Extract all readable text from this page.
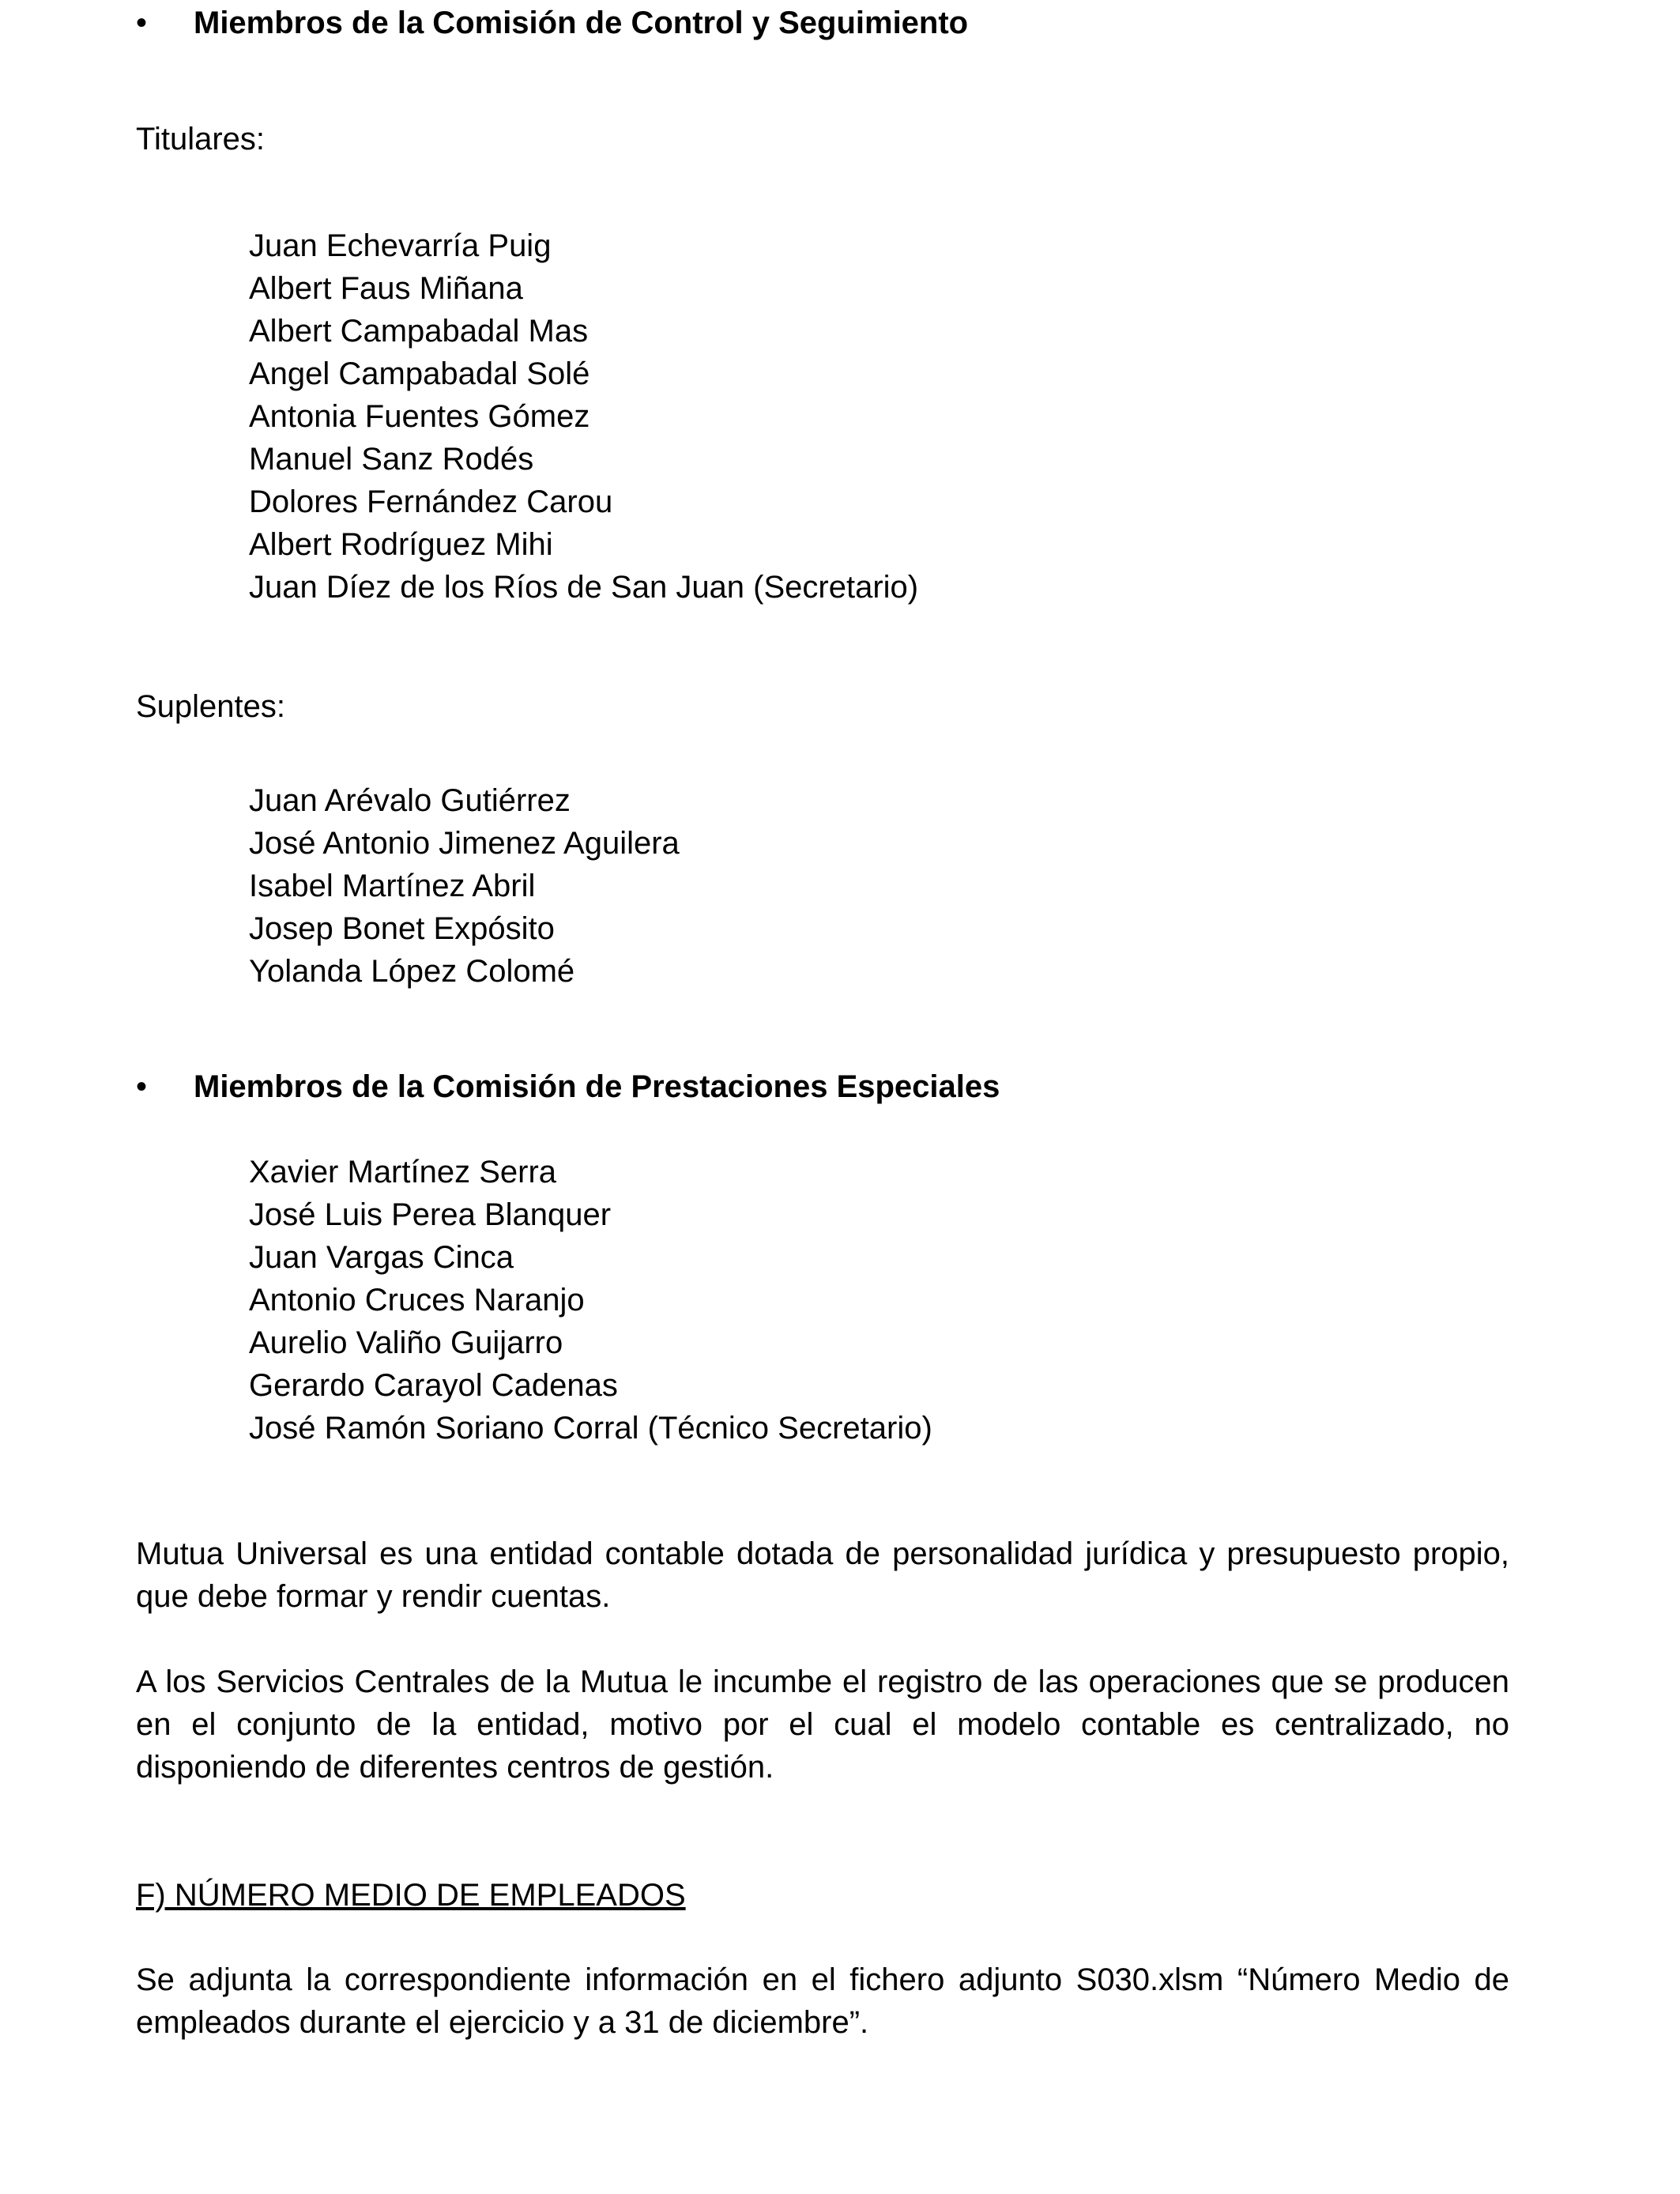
• Miembros de la Comisión de Control y Seguimiento
Titulares:
Juan Echevarría Puig
Albert Faus Miñana
Albert Campabadal Mas
Angel Campabadal Solé
Antonia Fuentes Gómez
Manuel Sanz Rodés
Dolores Fernández Carou
Albert Rodríguez Mihi
Juan Díez de los Ríos de San Juan (Secretario)
Suplentes:
Juan Arévalo Gutiérrez
José Antonio Jimenez Aguilera
Isabel Martínez Abril
Josep Bonet Expósito
Yolanda López Colomé
• Miembros de la Comisión de Prestaciones Especiales
Xavier Martínez Serra
José Luis Perea Blanquer
Juan Vargas Cinca
Antonio Cruces Naranjo
Aurelio Valiño Guijarro
Gerardo Carayol Cadenas
José Ramón Soriano Corral (Técnico Secretario)
Mutua Universal es una entidad contable dotada de personalidad jurídica y presupuesto propio, que debe formar y rendir cuentas.
A los Servicios Centrales de la Mutua le incumbe el registro de las operaciones que se producen en el conjunto de la entidad, motivo por el cual el modelo contable es centralizado, no disponiendo de diferentes centros de gestión.
F) NÚMERO MEDIO DE EMPLEADOS
Se adjunta la correspondiente información en el fichero adjunto S030.xlsm “Número Medio de empleados durante el ejercicio y a 31 de diciembre”.
